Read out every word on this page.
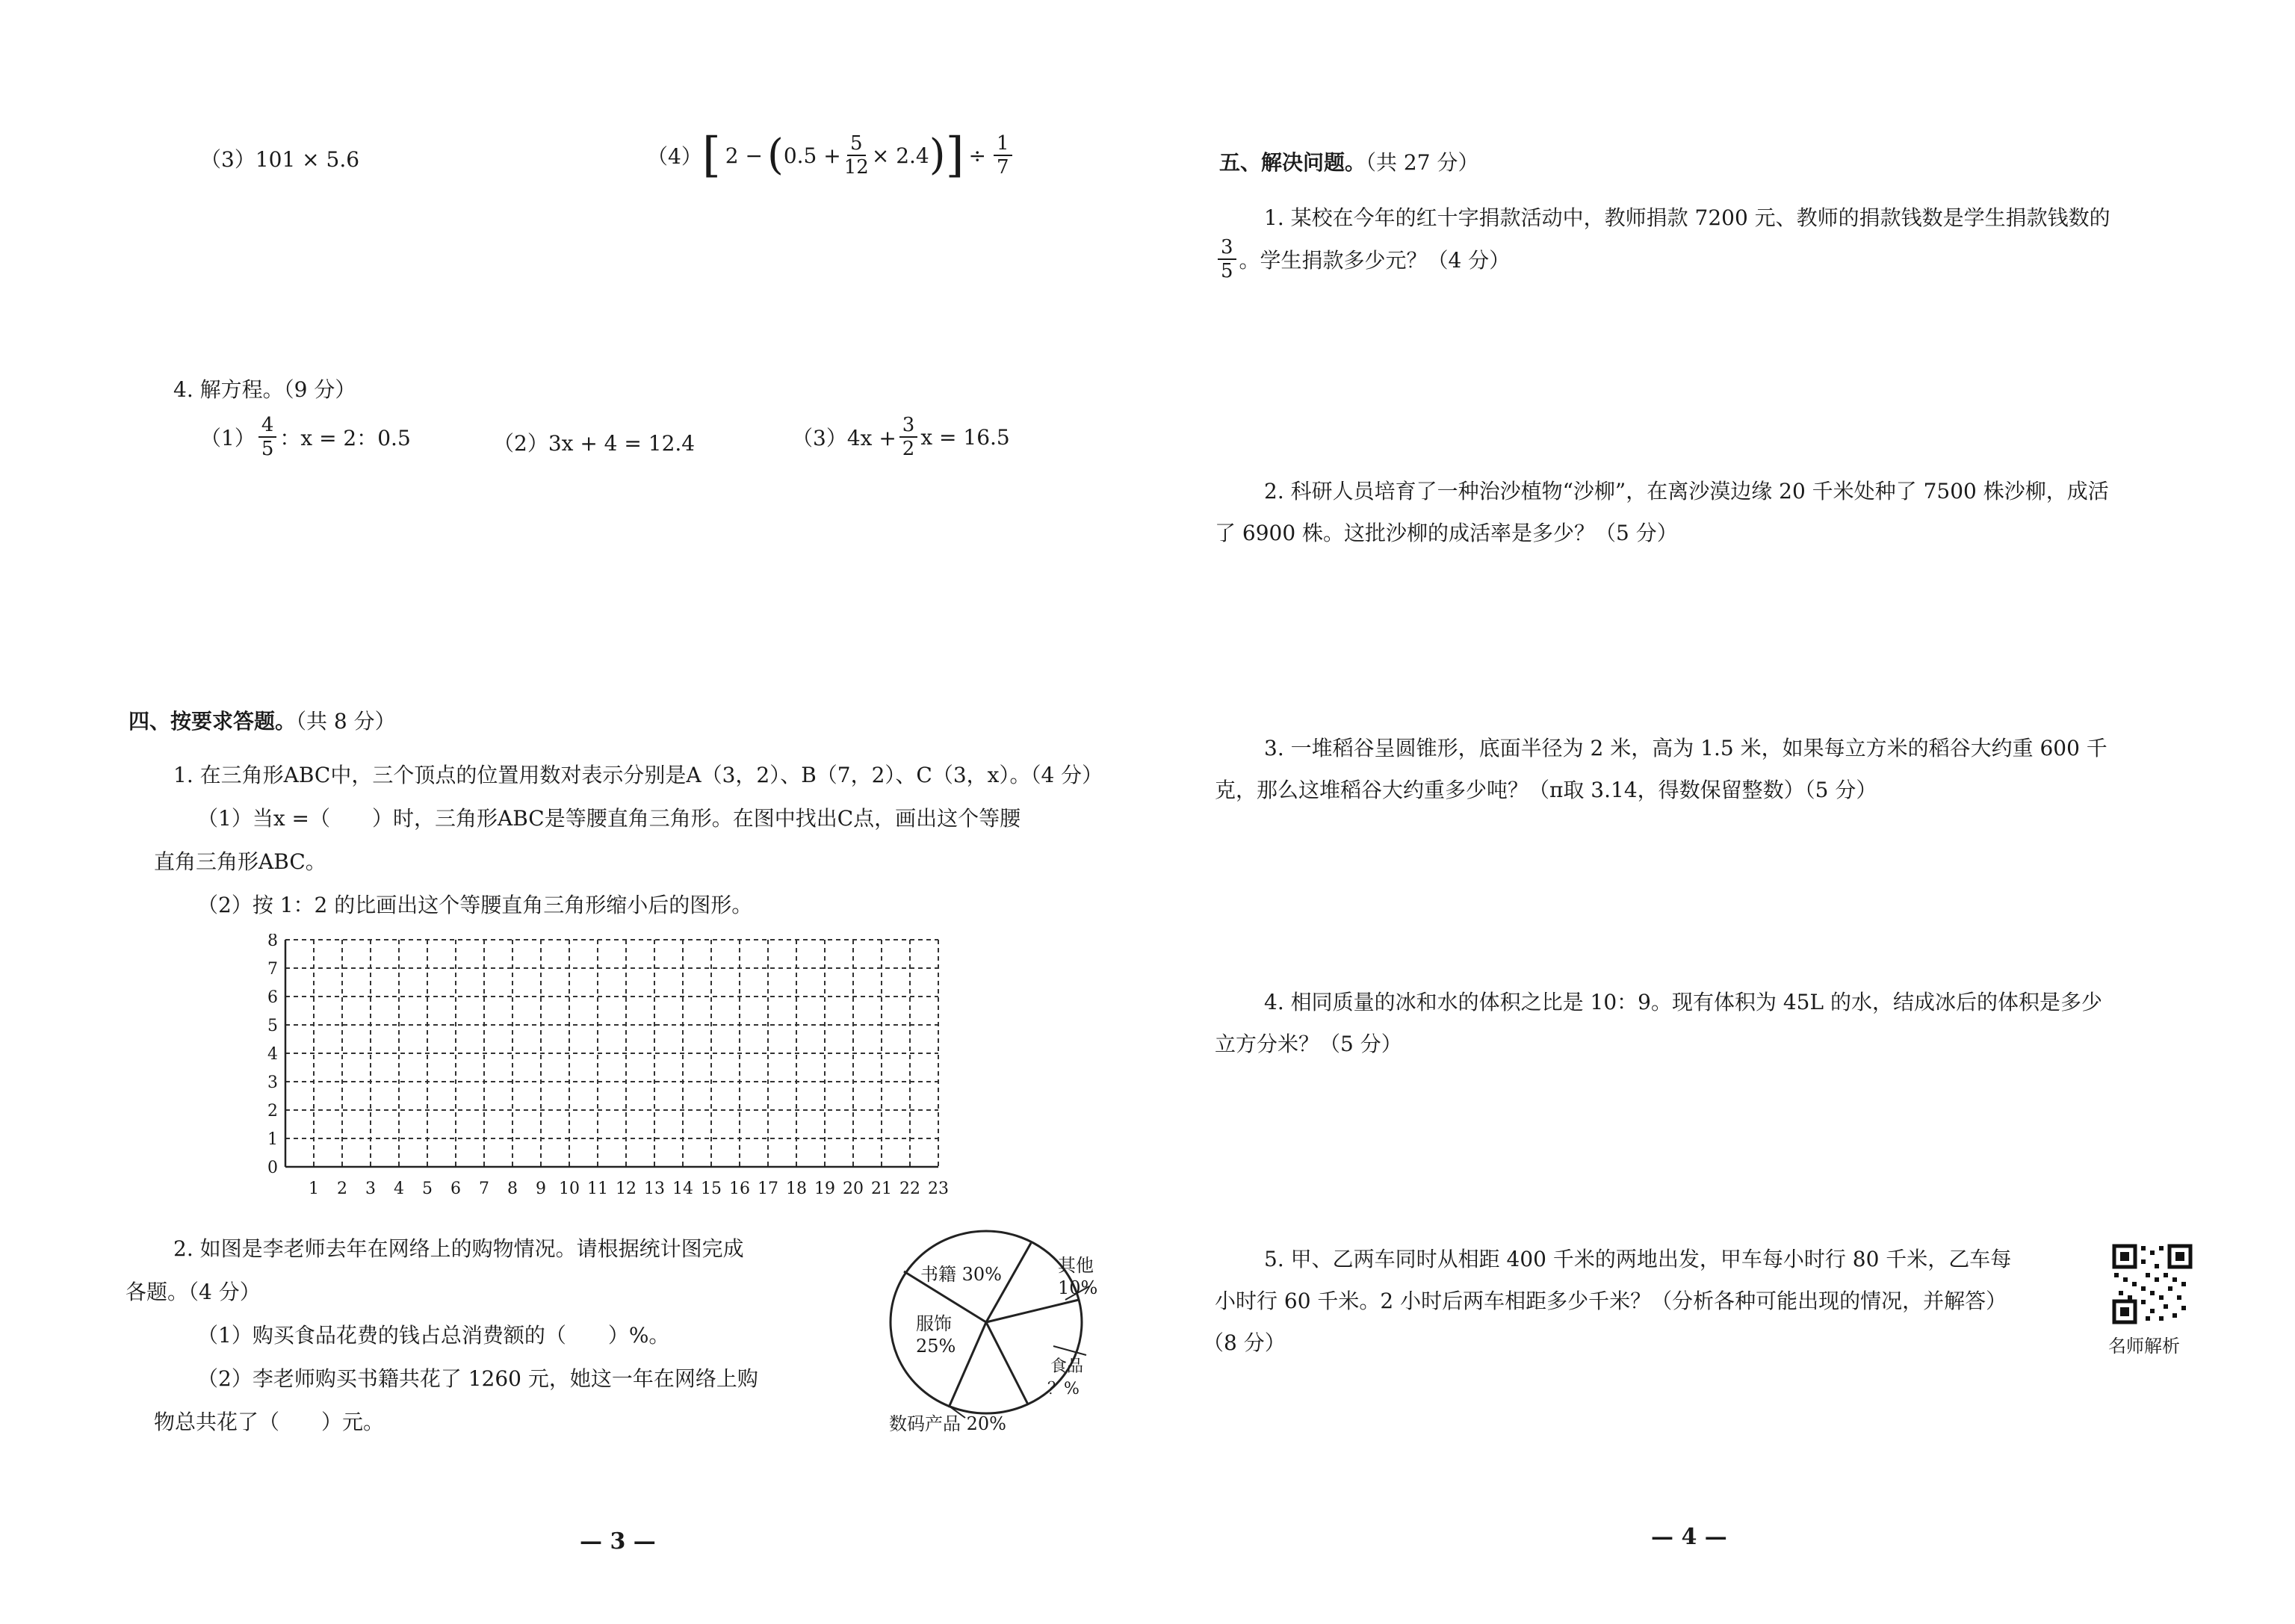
（3）101 × 5.6	（4） [ 2 − ( $0.5 + \frac{5}{12} \times 2.4$ ) ] ÷ $\frac{1}{7}$
4. 解方程。（9 分）
$(1) \frac{4}{5}$ ：x = 2：0.5	（2）3x + 4 = 12.4	$(3)4x + \frac{3}{2}$ x = 16.5
四、按要求答题。（共 8 分）
1. 在三角形ABC中，三个顶点的位置用数对表示分别是A（3，2）、B（7，2）、C（3，x）。（4 分）
（1）当x =（　　）时，三角形ABC是等腰直角三角形。在图中找出C点，画出这个等腰
直角三角形ABC。
（2）按 1：2 的比画出这个等腰直角三角形缩小后的图形。
0
1
2
3
4
5
6
7
8
1 2 3 4 5 6 7 8 9 10 11 12 13 14 15 16 17 18 19 20 21 22 23
2. 如图是李老师去年在网络上的购物情况。请根据统计图完成
各题。（4 分）
（1）购买食品花费的钱占总消费额的（　　）%。
（2）李老师购买书籍共花了 1260 元，她这一年在网络上购
物总共花了（　　）元。
书籍 30%	其他
10%
服饰
25%
食品
？%
数码产品 20%
— 3 —
五、解决问题。（共 27 分）
1. 某校在今年的红十字捐款活动中，教师捐款 7200 元、教师的捐款钱数是学生捐款钱数的
$\frac{3}{5}$ 。学生捐款多少元？（4 分）
2. 科研人员培育了一种治沙植物“沙柳”，在离沙漠边缘 20 千米处种了 7500 株沙柳，成活
了 6900 株。这批沙柳的成活率是多少？（5 分）
3. 一堆稻谷呈圆锥形，底面半径为 2 米，高为 1.5 米，如果每立方米的稻谷大约重 600 千
克，那么这堆稻谷大约重多少吨？（π取 3.14，得数保留整数）（5 分）
4. 相同质量的冰和水的体积之比是 10：9。现有体积为 45L 的水，结成冰后的体积是多少
立方分米？（5 分）
5. 甲、乙两车同时从相距 400 千米的两地出发，甲车每小时行 80 千米，乙车每
小时行 60 千米。2 小时后两车相距多少千米？（分析各种可能出现的情况，并解答）
（8 分）	名师解析
— 4 —
